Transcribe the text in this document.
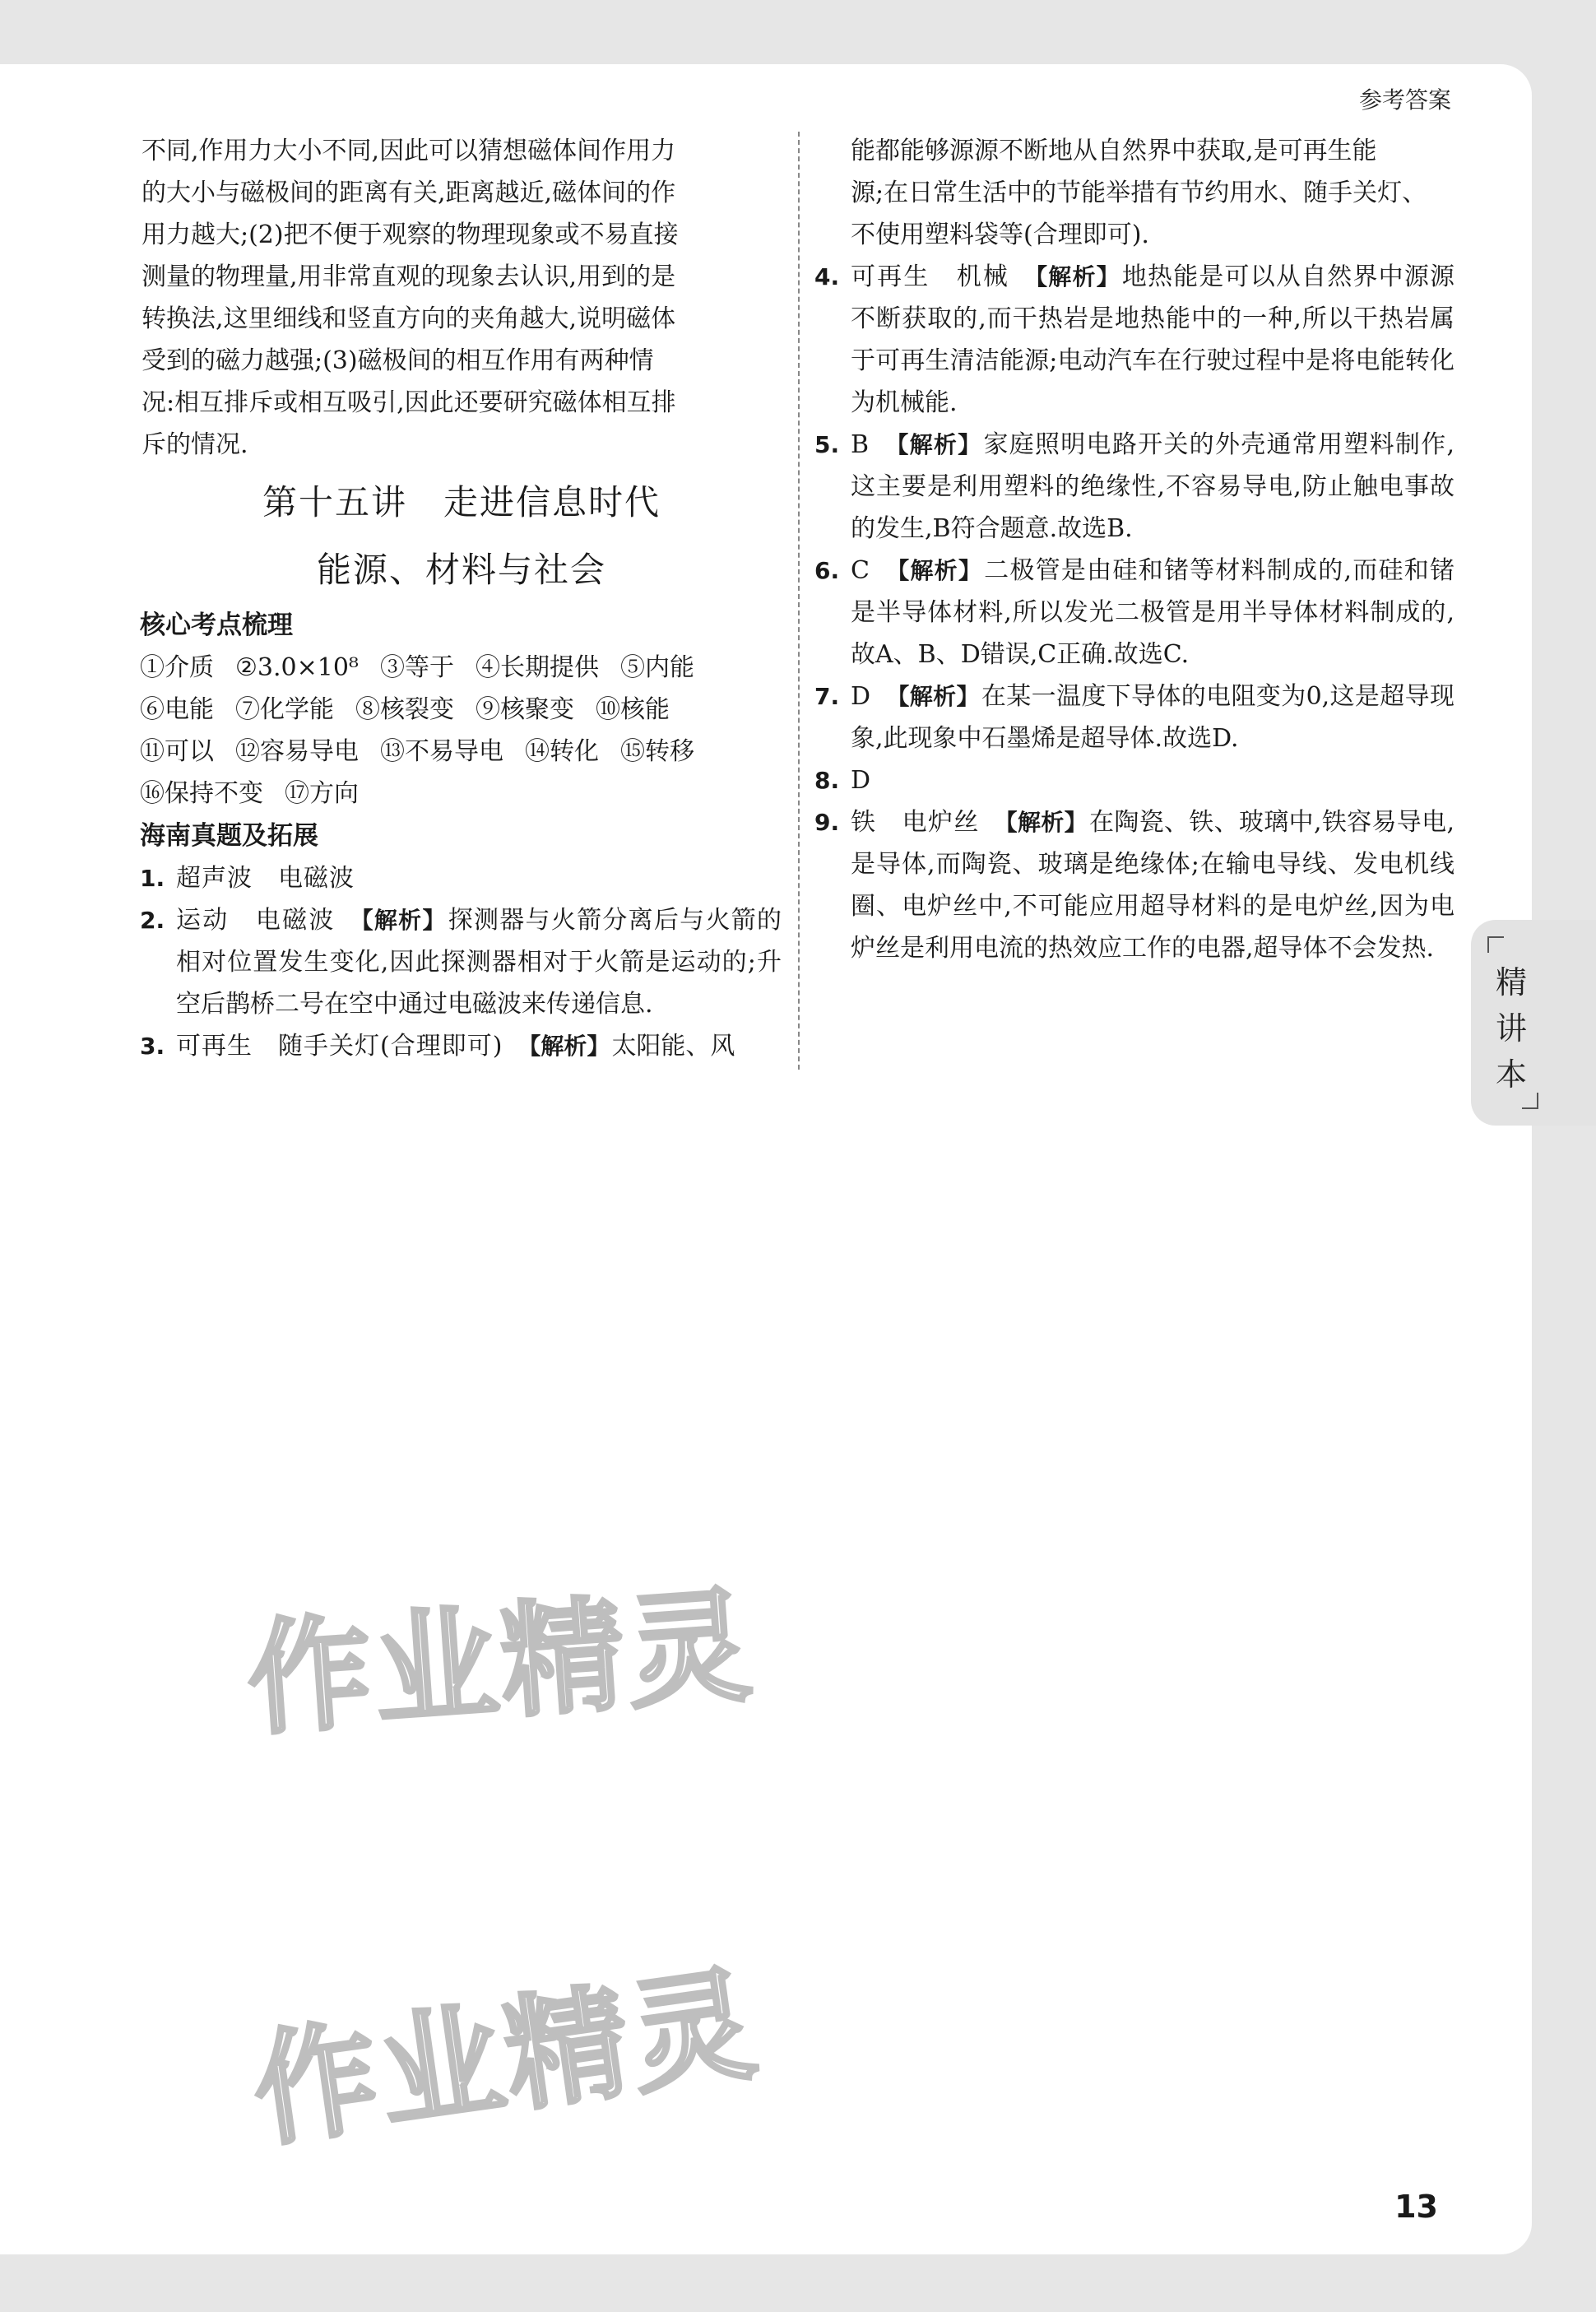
参考答案

不同,作用力大小不同,因此可以猜想磁体间作用力

的大小与磁极间的距离有关,距离越近,磁体间的作

用力越大;(2)把不便于观察的物理现象或不易直接

测量的物理量,用非常直观的现象去认识,用到的是

转换法,这里细线和竖直方向的夹角越大,说明磁体

受到的磁力越强;(3)磁极间的相互作用有两种情

况:相互排斥或相互吸引,因此还要研究磁体相互排

斥的情况.

第十五讲　走进信息时代
能源、材料与社会
核心考点梳理
①介质 ②3.0×10⁸ ③等于 ④长期提供 ⑤内能
⑥电能 ⑦化学能 ⑧核裂变 ⑨核聚变 ⑩核能
⑪可以 ⑫容易导电 ⑬不易导电 ⑭转化 ⑮转移
⑯保持不变 ⑰方向
海南真题及拓展
1. 超声波　电磁波
2. 运动　电磁波 【解析】探测器与火箭分离后与火箭的相对位置发生变化,因此探测器相对于火箭是运动的;升空后鹊桥二号在空中通过电磁波来传递信息.
3. 可再生　随手关灯(合理即可) 【解析】太阳能、风

能都能够源源不断地从自然界中获取,是可再生能

源;在日常生活中的节能举措有节约用水、随手关灯、

不使用塑料袋等(合理即可).

4. 可再生　机械 【解析】地热能是可以从自然界中源源不断获取的,而干热岩是地热能中的一种,所以干热岩属于可再生清洁能源;电动汽车在行驶过程中是将电能转化为机械能.
5. B 【解析】家庭照明电路开关的外壳通常用塑料制作,这主要是利用塑料的绝缘性,不容易导电,防止触电事故的发生,B符合题意.故选B.
6. C 【解析】二极管是由硅和锗等材料制成的,而硅和锗是半导体材料,所以发光二极管是用半导体材料制成的,故A、B、D错误,C正确.故选C.
7. D 【解析】在某一温度下导体的电阻变为0,这是超导现象,此现象中石墨烯是超导体.故选D.
8. D
9. 铁　电炉丝 【解析】在陶瓷、铁、玻璃中,铁容易导电,是导体,而陶瓷、玻璃是绝缘体;在输电导线、发电机线圈、电炉丝中,不可能应用超导材料的是电炉丝,因为电炉丝是利用电流的热效应工作的电器,超导体不会发热.
精
讲
本
作业精灵
作业精灵
13
